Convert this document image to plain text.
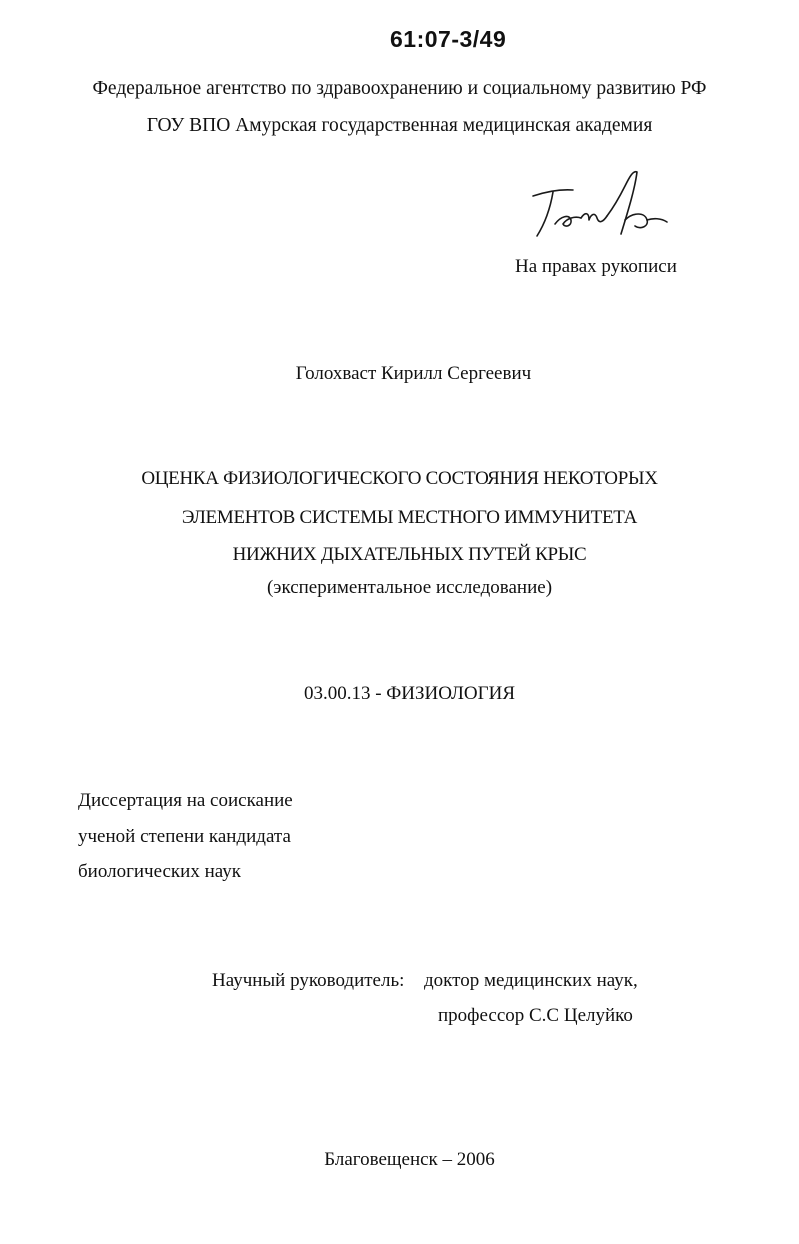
61:07-3/49

Федеральное агентство по здравоохранению и социальному развитию РФ

ГОУ ВПО Амурская государственная медицинская академия

На правах рукописи

Голохваст Кирилл Сергеевич

ОЦЕНКА ФИЗИОЛОГИЧЕСКОГО СОСТОЯНИЯ НЕКОТОРЫХ

ЭЛЕМЕНТОВ СИСТЕМЫ МЕСТНОГО ИММУНИТЕТА

НИЖНИХ ДЫХАТЕЛЬНЫХ ПУТЕЙ КРЫС

(экспериментальное исследование)

03.00.13 - ФИЗИОЛОГИЯ

Диссертация на соискание

ученой степени кандидата

биологических наук

Научный руководитель: доктор медицинских наук,

профессор С.С Целуйко

Благовещенск – 2006
